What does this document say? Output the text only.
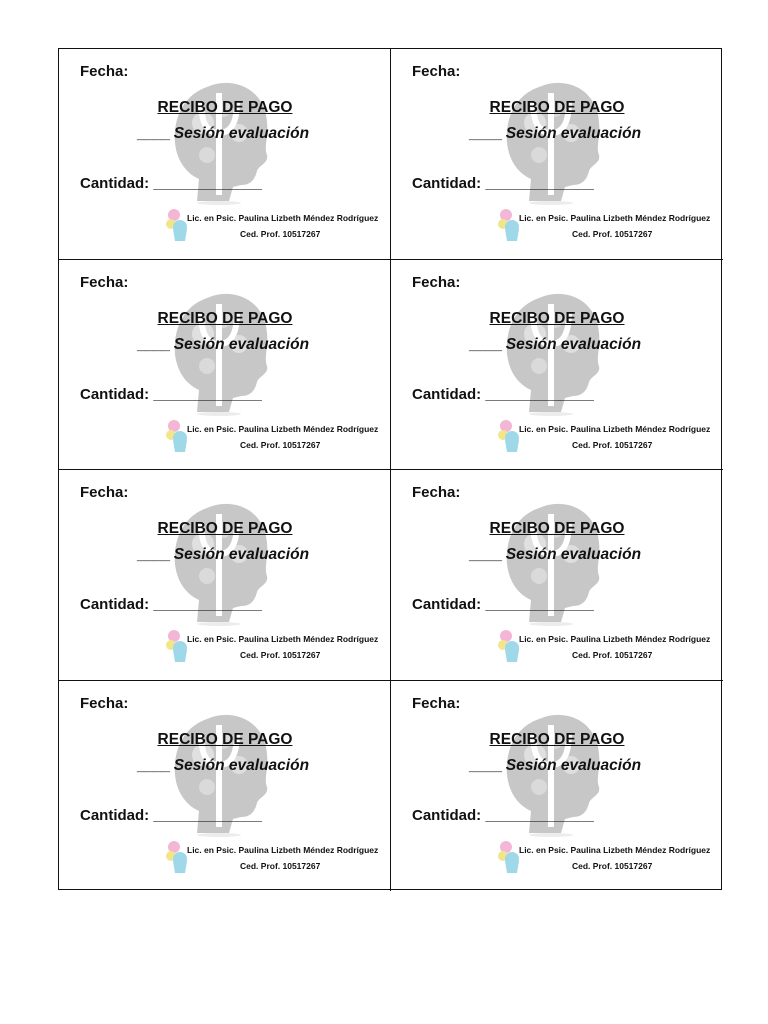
Fecha:
RECIBO DE PAGO
____ Sesión evaluación
Cantidad: _____________
Lic. en Psic. Paulina Lizbeth Méndez Rodríguez
Ced. Prof. 10517267
Fecha:
RECIBO DE PAGO
____ Sesión evaluación
Cantidad: _____________
Lic. en Psic. Paulina Lizbeth Méndez Rodríguez
Ced. Prof. 10517267
Fecha:
RECIBO DE PAGO
____ Sesión evaluación
Cantidad: _____________
Lic. en Psic. Paulina Lizbeth Méndez Rodríguez
Ced. Prof. 10517267
Fecha:
RECIBO DE PAGO
____ Sesión evaluación
Cantidad: _____________
Lic. en Psic. Paulina Lizbeth Méndez Rodríguez
Ced. Prof. 10517267
Fecha:
RECIBO DE PAGO
____ Sesión evaluación
Cantidad: _____________
Lic. en Psic. Paulina Lizbeth Méndez Rodríguez
Ced. Prof. 10517267
Fecha:
RECIBO DE PAGO
____ Sesión evaluación
Cantidad: _____________
Lic. en Psic. Paulina Lizbeth Méndez Rodríguez
Ced. Prof. 10517267
Fecha:
RECIBO DE PAGO
____ Sesión evaluación
Cantidad: _____________
Lic. en Psic. Paulina Lizbeth Méndez Rodríguez
Ced. Prof. 10517267
Fecha:
RECIBO DE PAGO
____ Sesión evaluación
Cantidad: _____________
Lic. en Psic. Paulina Lizbeth Méndez Rodríguez
Ced. Prof. 10517267
